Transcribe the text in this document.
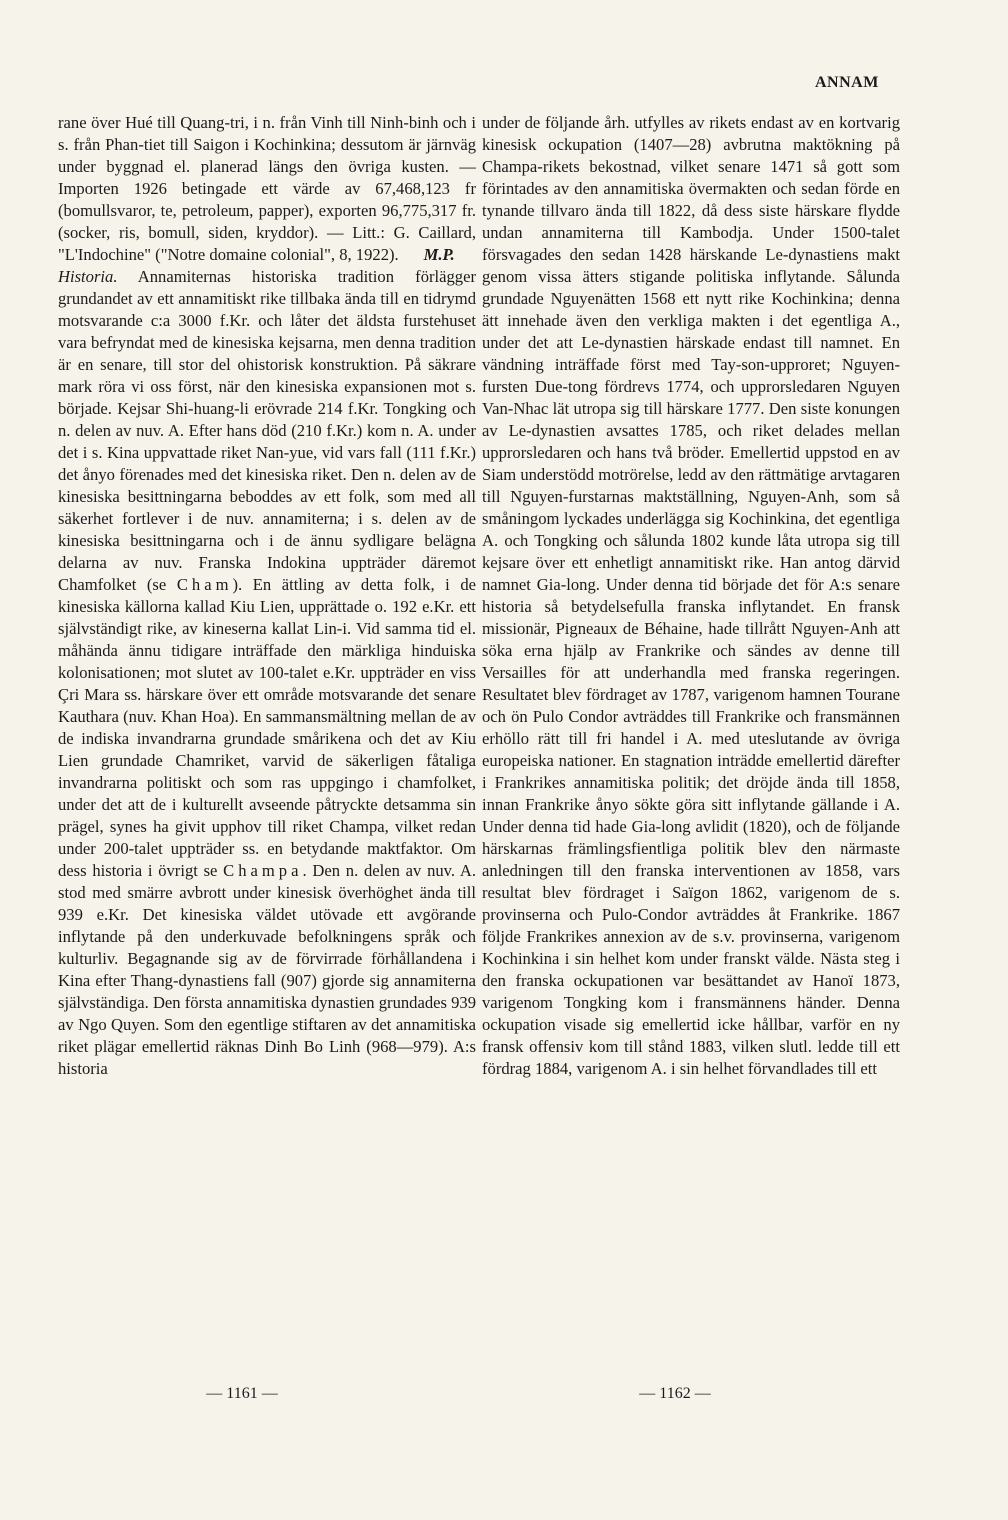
ANNAM

rane över Hué till Quang-tri, i n. från Vinh till Ninh-binh och i s. från Phan-tiet till Saigon i Kochinkina; dessutom är järnväg under byggnad el. planerad längs den övriga kusten. — Importen 1926 betingade ett värde av 67,468,123 fr (bomullsvaror, te, petroleum, papper), exporten 96,775,317 fr. (socker, ris, bomull, siden, kryddor). — Litt.: G. Caillard, "L'Indochine" ("Notre domaine colonial", 8, 1922). M.P.

Historia. Annamiternas historiska tradition förlägger grundandet av ett annamitiskt rike tillbaka ända till en tidrymd motsvarande c:a 3000 f.Kr. och låter det äldsta furstehuset vara befryndat med de kinesiska kejsarna, men denna tradition är en senare, till stor del ohistorisk konstruktion. På säkrare mark röra vi oss först, när den kinesiska expansionen mot s. började. Kejsar Shi-huang-li erövrade 214 f.Kr. Tongking och n. delen av nuv. A. Efter hans död (210 f.Kr.) kom n. A. under det i s. Kina uppvattade riket Nan-yue, vid vars fall (111 f.Kr.) det ånyo förenades med det kinesiska riket. Den n. delen av de kinesiska besittningarna beboddes av ett folk, som med all säkerhet fortlever i de nuv. annamiterna; i s. delen av de kinesiska besittningarna och i de ännu sydligare belägna delarna av nuv. Franska Indokina uppträder däremot Chamfolket (se Cham). En ättling av detta folk, i de kinesiska källorna kallad Kiu Lien, upprättade o. 192 e.Kr. ett självständigt rike, av kineserna kallat Lin-i. Vid samma tid el. måhända ännu tidigare inträffade den märkliga hinduiska kolonisationen; mot slutet av 100-talet e.Kr. uppträder en viss Çri Mara ss. härskare över ett område motsvarande det senare Kauthara (nuv. Khan Hoa). En sammansmältning mellan de av de indiska invandrarna grundade smårikena och det av Kiu Lien grundade Chamriket, varvid de säkerligen fåtaliga invandrarna politiskt och som ras uppgingo i chamfolket, under det att de i kulturellt avseende påtryckte detsamma sin prägel, synes ha givit upphov till riket Champa, vilket redan under 200-talet uppträder ss. en betydande maktfaktor. Om dess historia i övrigt se Champa. Den n. delen av nuv. A. stod med smärre avbrott under kinesisk överhöghet ända till 939 e.Kr. Det kinesiska väldet utövade ett avgörande inflytande på den underkuvade befolkningens språk och kulturliv. Begagnande sig av de förvirrade förhållandena i Kina efter Thang-dynastiens fall (907) gjorde sig annamiterna självständiga. Den första annamitiska dynastien grundades 939 av Ngo Quyen. Som den egentlige stiftaren av det annamitiska riket plägar emellertid räknas Dinh Bo Linh (968—979). A:s historia

under de följande årh. utfylles av rikets endast av en kortvarig kinesisk ockupation (1407—28) avbrutna maktökning på Champa-rikets bekostnad, vilket senare 1471 så gott som förintades av den annamitiska övermakten och sedan förde en tynande tillvaro ända till 1822, då dess siste härskare flydde undan annamiterna till Kambodja. Under 1500-talet försvagades den sedan 1428 härskande Le-dynastiens makt genom vissa ätters stigande politiska inflytande. Sålunda grundade Nguyenätten 1568 ett nytt rike Kochinkina; denna ätt innehade även den verkliga makten i det egentliga A., under det att Le-dynastien härskade endast till namnet. En vändning inträffade först med Tay-son-upproret; Nguyen-fursten Due-tong fördrevs 1774, och upprorsledaren Nguyen Van-Nhac lät utropa sig till härskare 1777. Den siste konungen av Le-dynastien avsattes 1785, och riket delades mellan upprorsledaren och hans två bröder. Emellertid uppstod en av Siam understödd motrörelse, ledd av den rättmätige arvtagaren till Nguyen-furstarnas maktställning, Nguyen-Anh, som så småningom lyckades underlägga sig Kochinkina, det egentliga A. och Tongking och sålunda 1802 kunde låta utropa sig till kejsare över ett enhetligt annamitiskt rike. Han antog därvid namnet Gia-long. Under denna tid började det för A:s senare historia så betydelsefulla franska inflytandet. En fransk missionär, Pigneaux de Béhaine, hade tillrått Nguyen-Anh att söka erna hjälp av Frankrike och sändes av denne till Versailles för att underhandla med franska regeringen. Resultatet blev fördraget av 1787, varigenom hamnen Tourane och ön Pulo Condor avträddes till Frankrike och fransmännen erhöllo rätt till fri handel i A. med uteslutande av övriga europeiska nationer. En stagnation inträdde emellertid därefter i Frankrikes annamitiska politik; det dröjde ända till 1858, innan Frankrike ånyo sökte göra sitt inflytande gällande i A. Under denna tid hade Gia-long avlidit (1820), och de följande härskarnas främlingsfientliga politik blev den närmaste anledningen till den franska interventionen av 1858, vars resultat blev fördraget i Saïgon 1862, varigenom de s. provinserna och Pulo-Condor avträddes åt Frankrike. 1867 följde Frankrikes annexion av de s.v. provinserna, varigenom Kochinkina i sin helhet kom under franskt välde. Nästa steg i den franska ockupationen var besättandet av Hanoï 1873, varigenom Tongking kom i fransmännens händer. Denna ockupation visade sig emellertid icke hållbar, varför en ny fransk offensiv kom till stånd 1883, vilken slutl. ledde till ett fördrag 1884, varigenom A. i sin helhet förvandlades till ett

— 1161 —	— 1162 —
